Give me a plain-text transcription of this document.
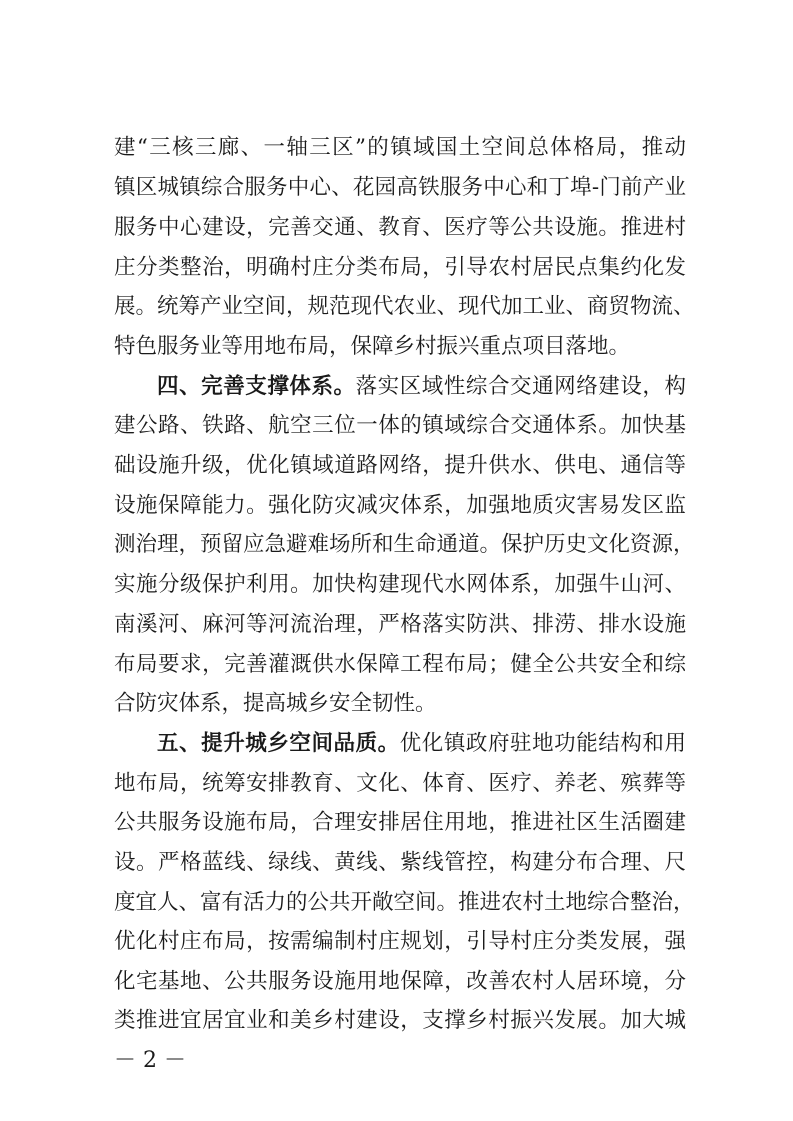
建“三核三廊、一轴三区”的镇域国土空间总体格局，推动
镇区城镇综合服务中心、花园高铁服务中心和丁埠-门前产业
服务中心建设，完善交通、教育、医疗等公共设施。推进村
庄分类整治，明确村庄分类布局，引导农村居民点集约化发
展。统筹产业空间，规范现代农业、现代加工业、商贸物流、
特色服务业等用地布局，保障乡村振兴重点项目落地。
四、完善支撑体系。落实区域性综合交通网络建设，构
建公路、铁路、航空三位一体的镇域综合交通体系。加快基
础设施升级，优化镇域道路网络，提升供水、供电、通信等
设施保障能力。强化防灾减灾体系，加强地质灾害易发区监
测治理，预留应急避难场所和生命通道。保护历史文化资源，
实施分级保护利用。加快构建现代水网体系，加强牛山河、
南溪河、麻河等河流治理，严格落实防洪、排涝、排水设施
布局要求，完善灌溉供水保障工程布局；健全公共安全和综
合防灾体系，提高城乡安全韧性。
五、提升城乡空间品质。优化镇政府驻地功能结构和用
地布局，统筹安排教育、文化、体育、医疗、养老、殡葬等
公共服务设施布局，合理安排居住用地，推进社区生活圈建
设。严格蓝线、绿线、黄线、紫线管控，构建分布合理、尺
度宜人、富有活力的公共开敞空间。推进农村土地综合整治，
优化村庄布局，按需编制村庄规划，引导村庄分类发展，强
化宅基地、公共服务设施用地保障，改善农村人居环境，分
类推进宜居宜业和美乡村建设，支撑乡村振兴发展。加大城
－ 2 －
